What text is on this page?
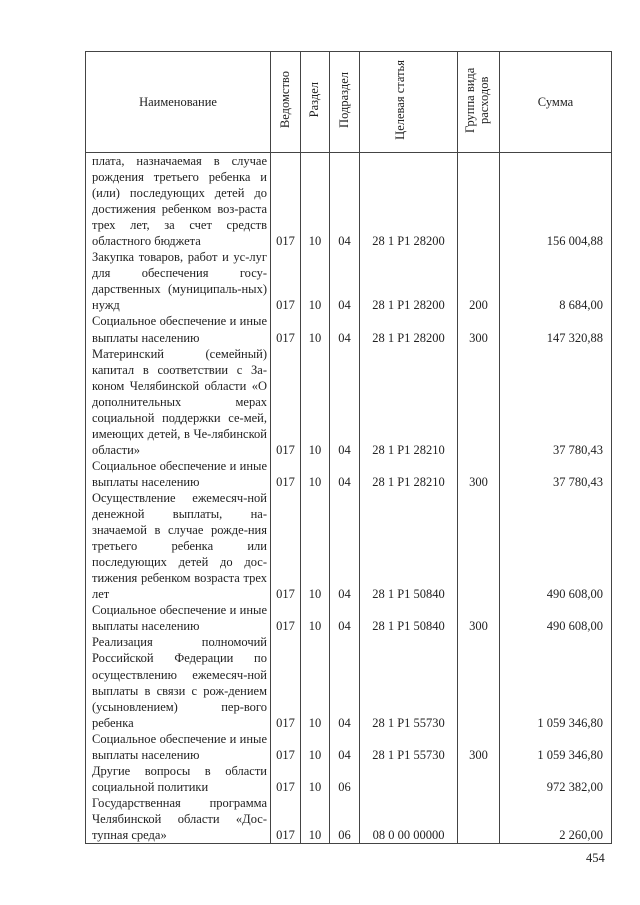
Наименование	Ведомство	Раздел	Подраздел	Целевая статья	Группа вида расходов	Сумма
плата, назначаемая в случае рождения третьего ребенка и (или) последующих детей до достижения ребенком воз-раста трех лет, за счет средств областного бюджета	017	10	04	28 1 P1 28200		156 004,88
Закупка товаров, работ и ус-луг для обеспечения госу-дарственных (муниципаль-ных) нужд	017	10	04	28 1 P1 28200	200	8 684,00
Социальное обеспечение и иные выплаты населению	017	10	04	28 1 P1 28200	300	147 320,88
Материнский (семейный) капитал в соответствии с За-коном Челябинской области «О дополнительных мерах социальной поддержки се-мей, имеющих детей, в Че-лябинской области»	017	10	04	28 1 P1 28210		37 780,43
Социальное обеспечение и иные выплаты населению	017	10	04	28 1 P1 28210	300	37 780,43
Осуществление ежемесяч-ной денежной выплаты, на-значаемой в случае рожде-ния третьего ребенка или последующих детей до дос-тижения ребенком возраста трех лет	017	10	04	28 1 P1 50840		490 608,00
Социальное обеспечение и иные выплаты населению	017	10	04	28 1 P1 50840	300	490 608,00
Реализация полномочий Российской Федерации по осуществлению ежемесяч-ной выплаты в связи с рож-дением (усыновлением) пер-вого ребенка	017	10	04	28 1 P1 55730		1 059 346,80
Социальное обеспечение и иные выплаты населению	017	10	04	28 1 P1 55730	300	1 059 346,80
Другие вопросы в области социальной политики	017	10	06			972 382,00
Государственная программа Челябинской области «Дос-тупная среда»	017	10	06	08 0 00 00000		2 260,00
454
